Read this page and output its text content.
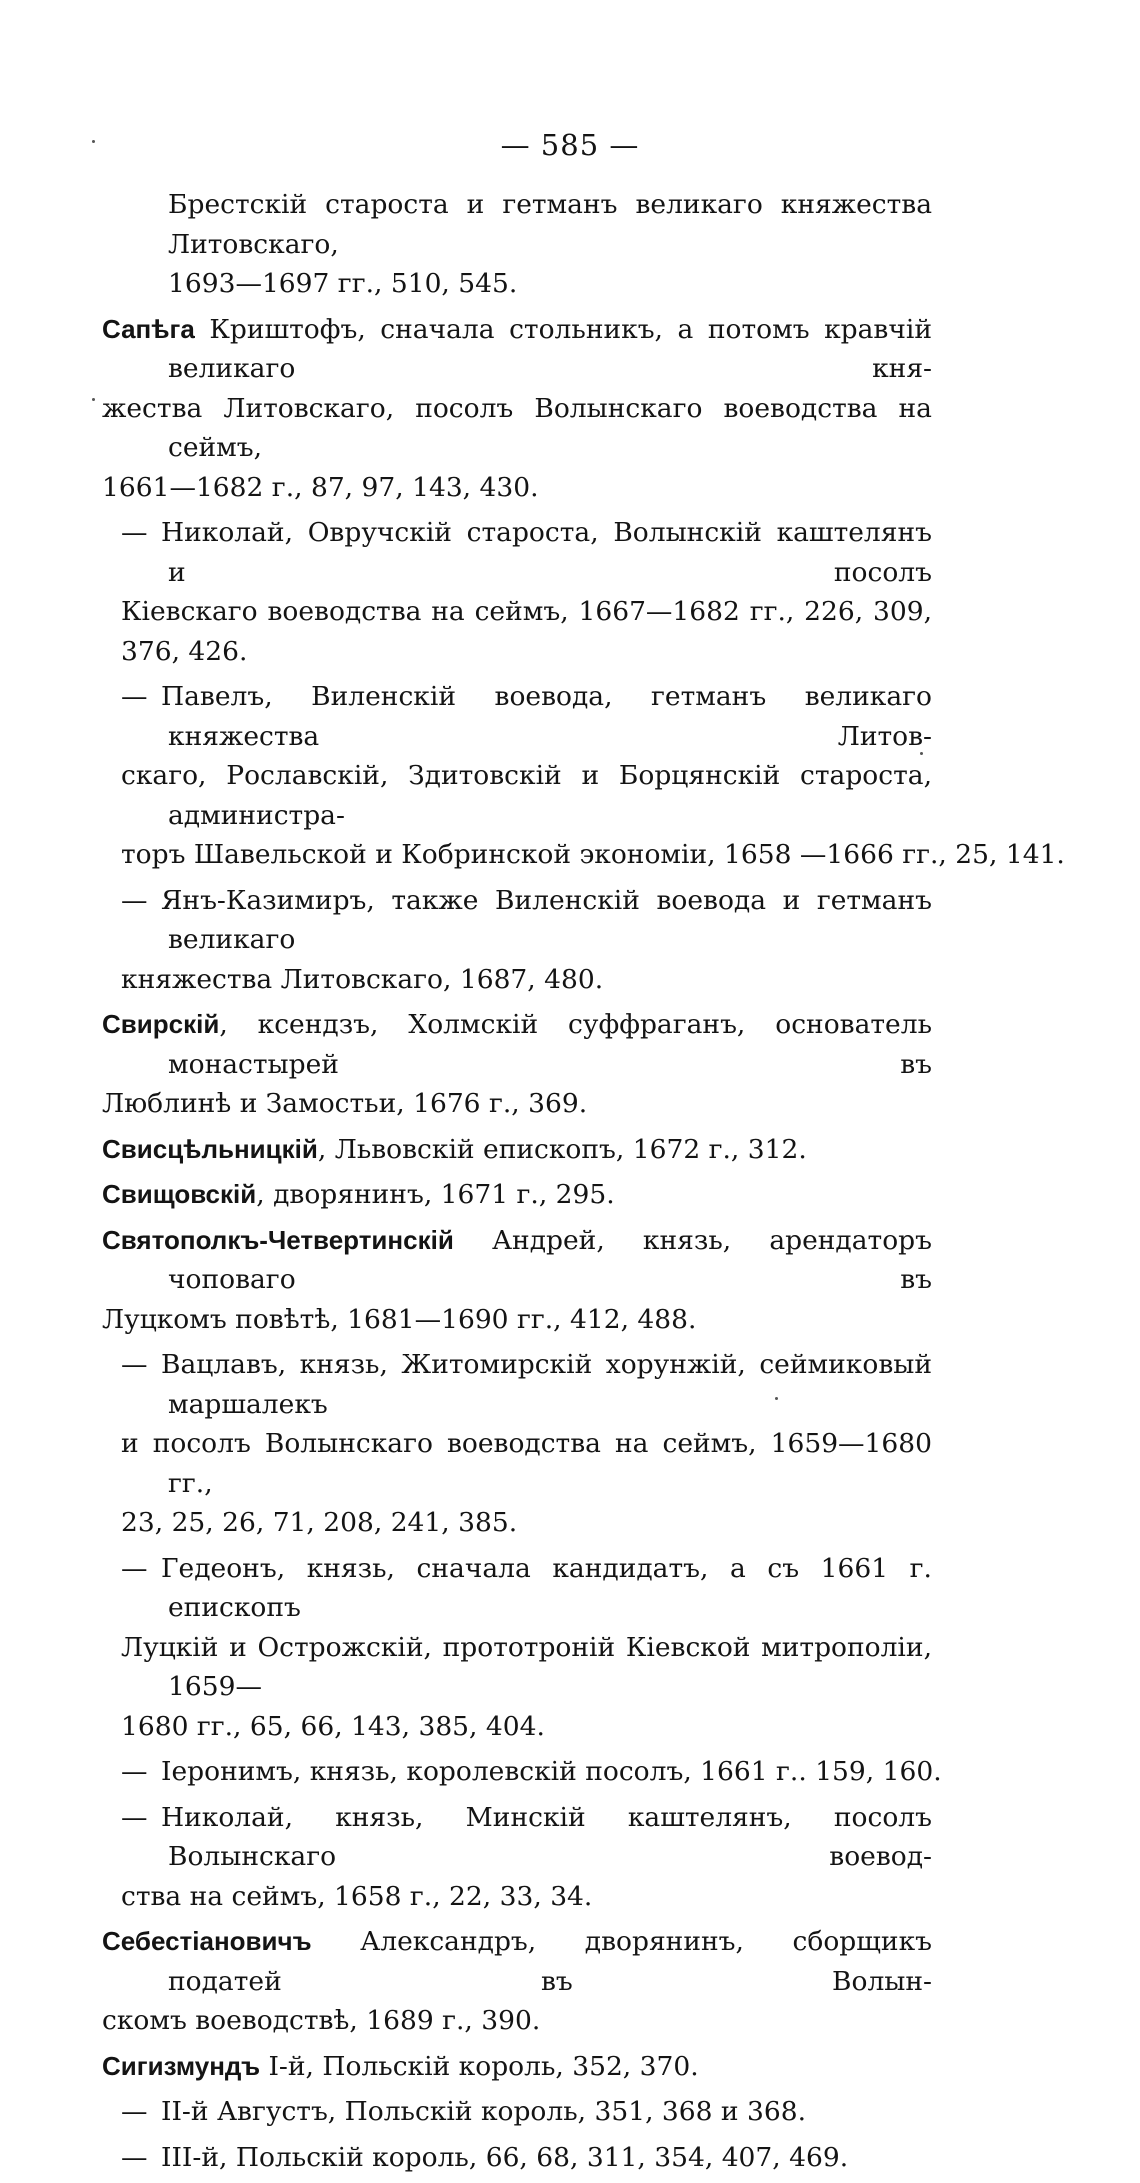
— 585 —
Брестскій староста и гетманъ великаго княжества Литовскаго,
1693—1697 гг., 510, 545.
Сапѣга Криштофъ, сначала стольникъ, а потомъ кравчій великаго кня-
жества Литовскаго, посолъ Волынскаго воеводства на сеймъ,
1661—1682 г., 87, 97, 143, 430.
— Николай, Овручскій староста, Волынскій каштелянъ и посолъ
Кіевскаго воеводства на сеймъ, 1667—1682 гг., 226, 309,
376, 426.
— Павелъ, Виленскій воевода, гетманъ великаго княжества Литов-
скаго, Рославскій, Здитовскій и Борцянскій староста, администра-
торъ Шавельской и Кобринской экономіи, 1658 —1666 гг., 25, 141.
— Янъ-Казимиръ, также Виленскій воевода и гетманъ великаго
княжества Литовскаго, 1687, 480.
Свирскій, ксендзъ, Холмскій суффраганъ, основатель монастырей въ
Люблинѣ и Замостьи, 1676 г., 369.
Свисцѣльницкій, Львовскій епископъ, 1672 г., 312.
Свищовскій, дворянинъ, 1671 г., 295.
Святополкъ-Четвертинскій Андрей, князь, арендаторъ чоповаго въ
Луцкомъ повѣтѣ, 1681—1690 гг., 412, 488.
— Вацлавъ, князь, Житомирскій хорунжій, сеймиковый маршалекъ
и посолъ Волынскаго воеводства на сеймъ, 1659—1680 гг.,
23, 25, 26, 71, 208, 241, 385.
— Гедеонъ, князь, сначала кандидатъ, а съ 1661 г. епископъ
Луцкій и Острожскій, прототроній Кіевской митрополіи, 1659—
1680 гг., 65, 66, 143, 385, 404.
— Іеронимъ, князь, королевскій посолъ, 1661 г.. 159, 160.
— Николай, князь, Минскій каштелянъ, посолъ Волынскаго воевод-
ства на сеймъ, 1658 г., 22, 33, 34.
Себестіановичъ Александръ, дворянинъ, сборщикъ податей въ Волын-
скомъ воеводствѣ, 1689 г., 390.
Сигизмундъ I-й, Польскій король, 352, 370.
— II-й Августъ, Польскій король, 351, 368 и 368.
— III-й, Польскій король, 66, 68, 311, 354, 407, 469.
